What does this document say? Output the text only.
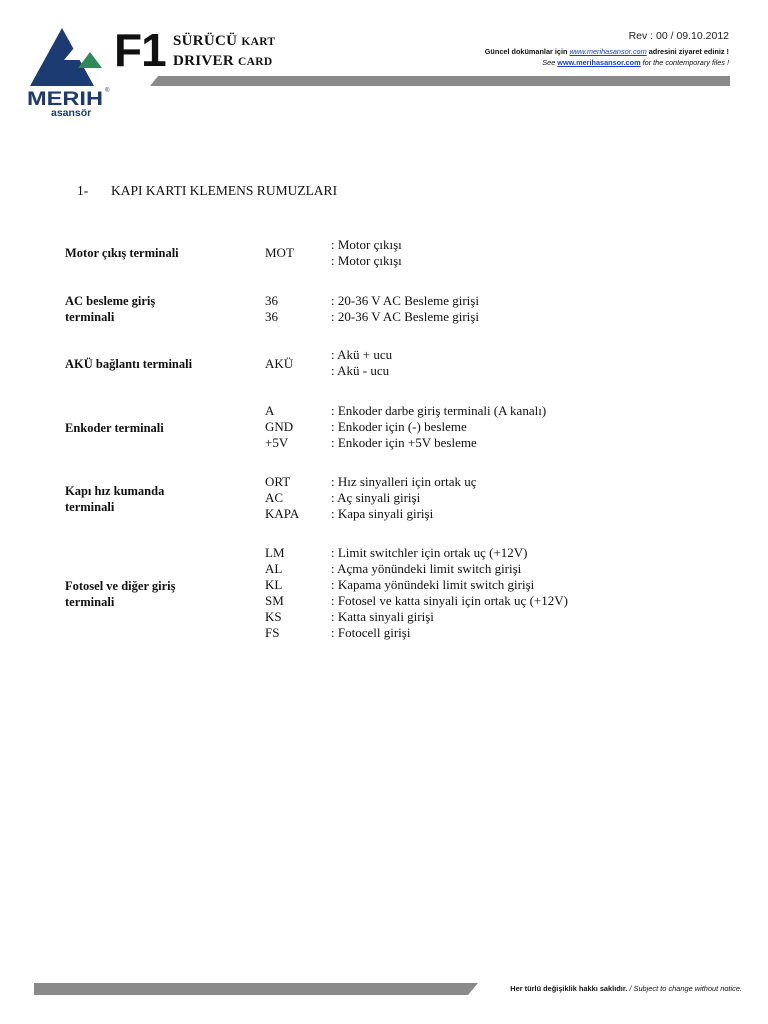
MERIH ®
asansör
F1 SÜRÜCÜ KART
DRIVER CARD
Rev : 00 / 09.10.2012
Güncel dokümanlar için www.merihasansor.com adresini ziyaret ediniz !
See www.merihasansor.com for the contemporary files !
1- KAPI KARTI KLEMENS RUMUZLARI
Motor çıkış terminali	MOT
: Motor çıkışı
: Motor çıkışı
AC besleme giriş terminali
36
36
: 20-36 V AC Besleme girişi
: 20-36 V AC Besleme girişi
AKÜ bağlantı terminali	AKÜ
: Akü + ucu
: Akü - ucu
Enkoder terminali
A
GND
+5V
: Enkoder darbe giriş terminali (A kanalı)
: Enkoder için (-) besleme
: Enkoder için +5V besleme
Kapı hız kumanda terminali
ORT
AC
KAPA
: Hız sinyalleri için ortak uç
: Aç sinyali girişi
: Kapa sinyali girişi
Fotosel ve diğer giriş terminali
LM
AL
KL
SM
KS
FS
: Limit switchler için ortak uç (+12V)
: Açma yönündeki limit switch girişi
: Kapama yönündeki limit switch girişi
: Fotosel ve katta sinyali için ortak uç (+12V)
: Katta sinyali girişi
: Fotocell girişi
Her türlü değişiklik hakkı saklıdır. / Subject to change without notice.
